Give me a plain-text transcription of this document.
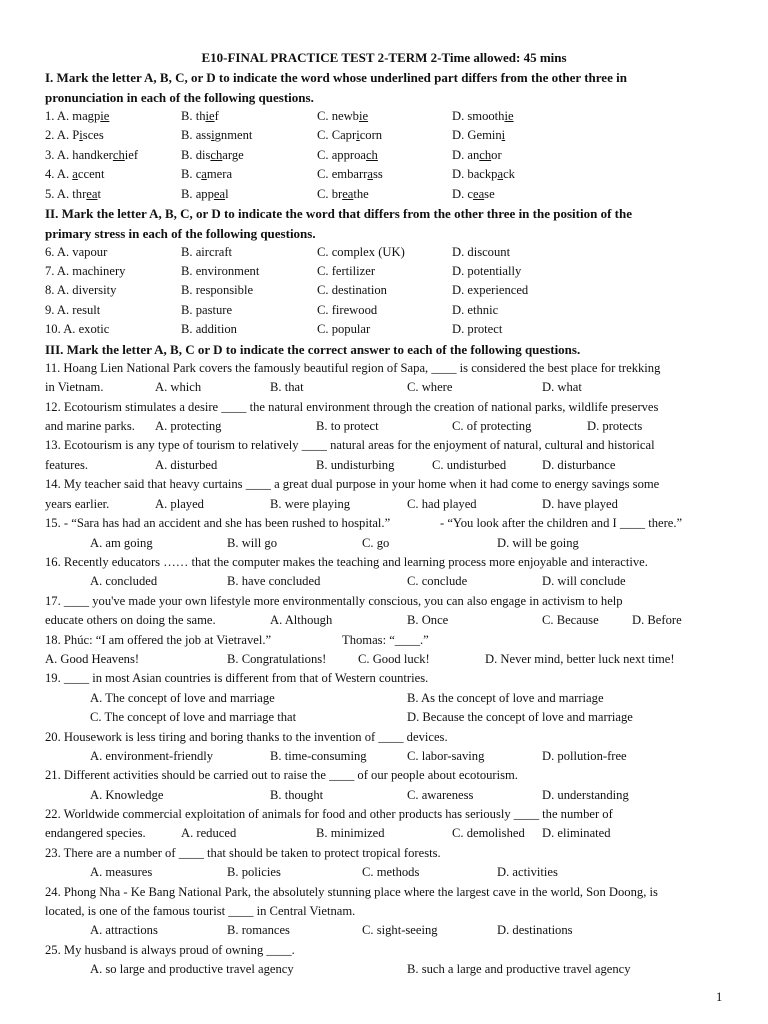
E10-FINAL PRACTICE TEST 2-TERM 2-Time allowed: 45 mins
I. Mark the letter A, B, C, or D to indicate the word whose underlined part differs from the other three in
pronunciation in each of the following questions.
1. A. magpie	B. thief	C. newbie	D. smoothie
2. A. Pisces	B. assignment	C. Capricorn	D. Gemini
3. A. handkerchief	B. discharge	C. approach	D. anchor
4. A. accent	B. camera	C. embarrass	D. backpack
5. A. threat	B. appeal	C. breathe	D. cease
II. Mark the letter A, B, C, or D to indicate the word that differs from the other three in the position of the
primary stress in each of the following questions.
6. A. vapour	B. aircraft	C. complex (UK)	D. discount
7. A. machinery	B. environment	C. fertilizer	D. potentially
8. A. diversity	B. responsible	C. destination	D. experienced
9. A. result	B. pasture	C. firewood	D. ethnic
10. A. exotic	B. addition	C. popular	D. protect
III. Mark the letter A, B, C or D to indicate the correct answer to each of the following questions.
11. Hoang Lien National Park covers the famously beautiful region of Sapa, ____ is considered the best place for trekking
in Vietnam.	A. which	B. that	C. where	D. what
12. Ecotourism stimulates a desire ____ the natural environment through the creation of national parks, wildlife preserves
and marine parks. A. protecting	B. to protect	C. of protecting	D. protects
13. Ecotourism is any type of tourism to relatively ____ natural areas for the enjoyment of natural, cultural and historical
features.	A. disturbed	B. undisturbing	C. undisturbed	D. disturbance
14. My teacher said that heavy curtains ____ a great dual purpose in your home when it had come to energy savings some
years earlier.	A. played	B. were playing	C. had played	D. have played
15. - “Sara has had an accident and she has been rushed to hospital.”	- “You look after the children and I ____ there.”
A. am going	B. will go	C. go	D. will be going
16. Recently educators …… that the computer makes the teaching and learning process more enjoyable and interactive.
A. concluded	B. have concluded	C. conclude	D. will conclude
17. ____ you've made your own lifestyle more environmentally conscious, you can also engage in activism to help
educate others on doing the same.	A. Although	B. Once	C. Because	D. Before
18. Phúc: “I am offered the job at Vietravel.”	Thomas: “____.”
A. Good Heavens!	B. Congratulations!	C. Good luck!	D. Never mind, better luck next time!
19. ____ in most Asian countries is different from that of Western countries.
A. The concept of love and marriage	B. As the concept of love and marriage
C. The concept of love and marriage that	D. Because the concept of love and marriage
20. Housework is less tiring and boring thanks to the invention of ____ devices.
A. environment-friendly	B. time-consuming	C. labor-saving	D. pollution-free
21. Different activities should be carried out to raise the ____ of our people about ecotourism.
A. Knowledge	B. thought	C. awareness	D. understanding
22. Worldwide commercial exploitation of animals for food and other products has seriously ____ the number of
endangered species.	A. reduced	B. minimized	C. demolished D. eliminated
23. There are a number of ____ that should be taken to protect tropical forests.
A. measures	B. policies	C. methods	D. activities
24. Phong Nha - Ke Bang National Park, the absolutely stunning place where the largest cave in the world, Son Doong, is
located, is one of the famous tourist ____ in Central Vietnam.
A. attractions	B. romances	C. sight-seeing	D. destinations
25. My husband is always proud of owning ____.
A. so large and productive travel agency	B. such a large and productive travel agency
1
